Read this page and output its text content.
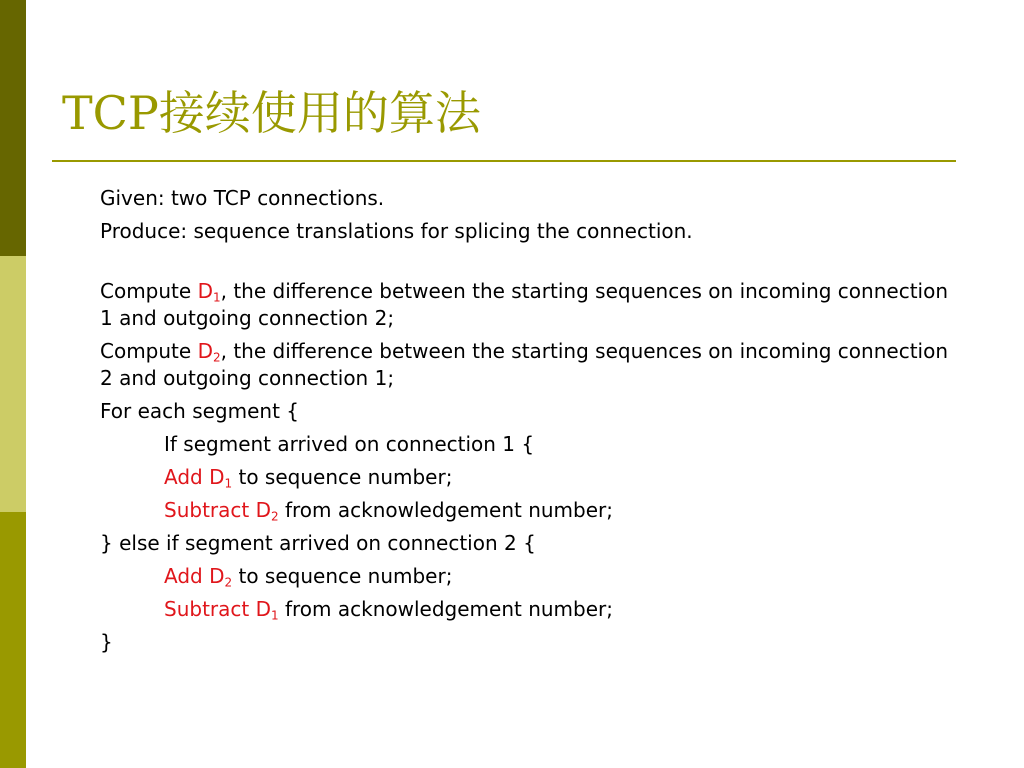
TCP接续使用的算法

Given: two TCP connections.

Produce: sequence translations for splicing the connection.

Compute $D_1$, the difference between the starting sequences on incoming connection 1 and outgoing connection 2;

Compute $D_2$, the difference between the starting sequences on incoming connection 2 and outgoing connection 1;

For each segment {

If segment arrived on connection 1 {

Add $D_1$ to sequence number;

Subtract $D_2$ from acknowledgement number;

} else if segment arrived on connection 2 {

Add $D_2$ to sequence number;

Subtract $D_1$ from acknowledgement number;

}
